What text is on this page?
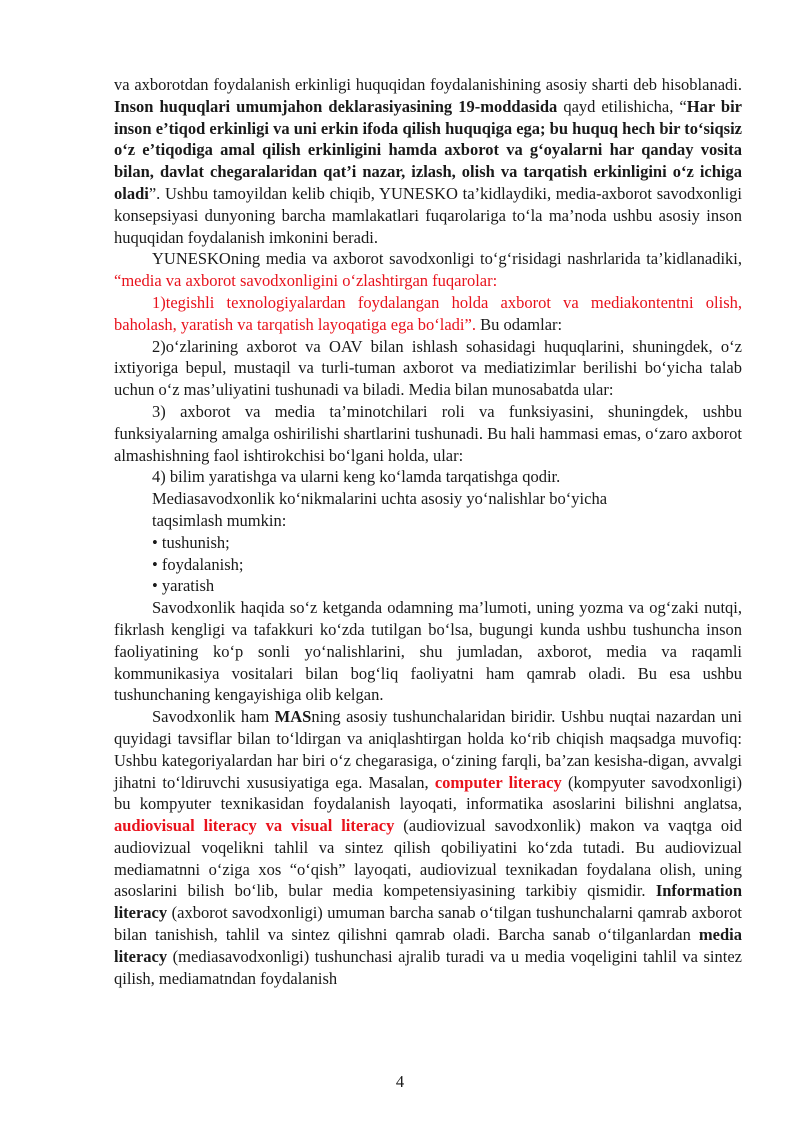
va axborotdan foydalanish erkinligi huquqidan foydalanishining asosiy sharti deb hisoblanadi. Inson huquqlari umumjahon deklarasiyasining 19-moddasida qayd etilishicha, “Har bir inson e’tiqod erkinligi va uni erkin ifoda qilish huquqiga ega; bu huquq hech bir to‘siqsiz o‘z e’tiqodiga amal qilish erkinligini hamda axborot va g‘oyalarni har qanday vosita bilan, davlat chegaralaridan qat’i nazar, izlash, olish va tarqatish erkinligini o‘z ichiga oladi”. Ushbu tamoyildan kelib chiqib, YUNESKO ta’kidlaydiki, media-axborot savodxonligi konsepsiyasi dunyoning barcha mamlakatlari fuqarolariga to‘la ma’noda ushbu asosiy inson huquqidan foydalanish imkonini beradi.

YUNESKOning media va axborot savodxonligi to‘g‘risidagi nashrlarida ta’kidlanadiki, “media va axborot savodxonligini o‘zlashtirgan fuqarolar:

1)tegishli texnologiyalardan foydalangan holda axborot va mediakontentni olish, baholash, yaratish va tarqatish layoqatiga ega bo‘ladi”. Bu odamlar:

2)o‘zlarining axborot va OAV bilan ishlash sohasidagi huquqlarini, shuningdek, o‘z ixtiyoriga bepul, mustaqil va turli-tuman axborot va mediatizimlar berilishi bo‘yicha talab uchun o‘z mas’uliyatini tushunadi va biladi. Media bilan munosabatda ular:

3) axborot va media ta’minotchilari roli va funksiyasini, shuningdek, ushbu funksiyalarning amalga oshirilishi shartlarini tushunadi. Bu hali hammasi emas, o‘zaro axborot almashishning faol ishtirokchisi bo‘lgani holda, ular:

4) bilim yaratishga va ularni keng ko‘lamda tarqatishga qodir.

Mediasavodxonlik ko‘nikmalarini uchta asosiy yo‘nalishlar bo‘yicha
taqsimlash mumkin:
• tushunish;
• foydalanish;
• yaratish

Savodxonlik haqida so‘z ketganda odamning ma’lumoti, uning yozma va og‘zaki nutqi, fikrlash kengligi va tafakkuri ko‘zda tutilgan bo‘lsa, bugungi kunda ushbu tushuncha inson faoliyatining ko‘p sonli yo‘nalishlarini, shu jumladan, axborot, media va raqamli kommunikasiya vositalari bilan bog‘liq faoliyatni ham qamrab oladi. Bu esa ushbu tushunchaning kengayishiga olib kelgan.

Savodxonlik ham MASning asosiy tushunchalaridan biridir. Ushbu nuqtai nazardan uni quyidagi tavsiflar bilan to‘ldirgan va aniqlashtirgan holda ko‘rib chiqish maqsadga muvofiq: Ushbu kategoriyalardan har biri o‘z chegarasiga, o‘zining farqli, ba’zan kesisha-digan, avvalgi jihatni to‘ldiruvchi xususiyatiga ega. Masalan, computer literacy (kompyuter savodxonligi) bu kompyuter texnikasidan foydalanish layoqati, informatika asoslarini bilishni anglatsa, audiovisual literacy va visual literacy (audiovizual savodxonlik) makon va vaqtga oid audiovizual voqelikni tahlil va sintez qilish qobiliyatini ko‘zda tutadi. Bu audiovizual mediamatnni o‘ziga xos “o‘qish” layoqati, audiovizual texnikadan foydalana olish, uning asoslarini bilish bo‘lib, bular media kompetensiyasining tarkibiy qismidir. Information literacy (axborot savodxonligi) umuman barcha sanab o‘tilgan tushunchalarni qamrab axborot bilan tanishish, tahlil va sintez qilishni qamrab oladi. Barcha sanab o‘tilganlardan media literacy (mediasavodxonligi) tushunchasi ajralib turadi va u media voqeligini tahlil va sintez qilish, mediamatndan foydalanish

4
